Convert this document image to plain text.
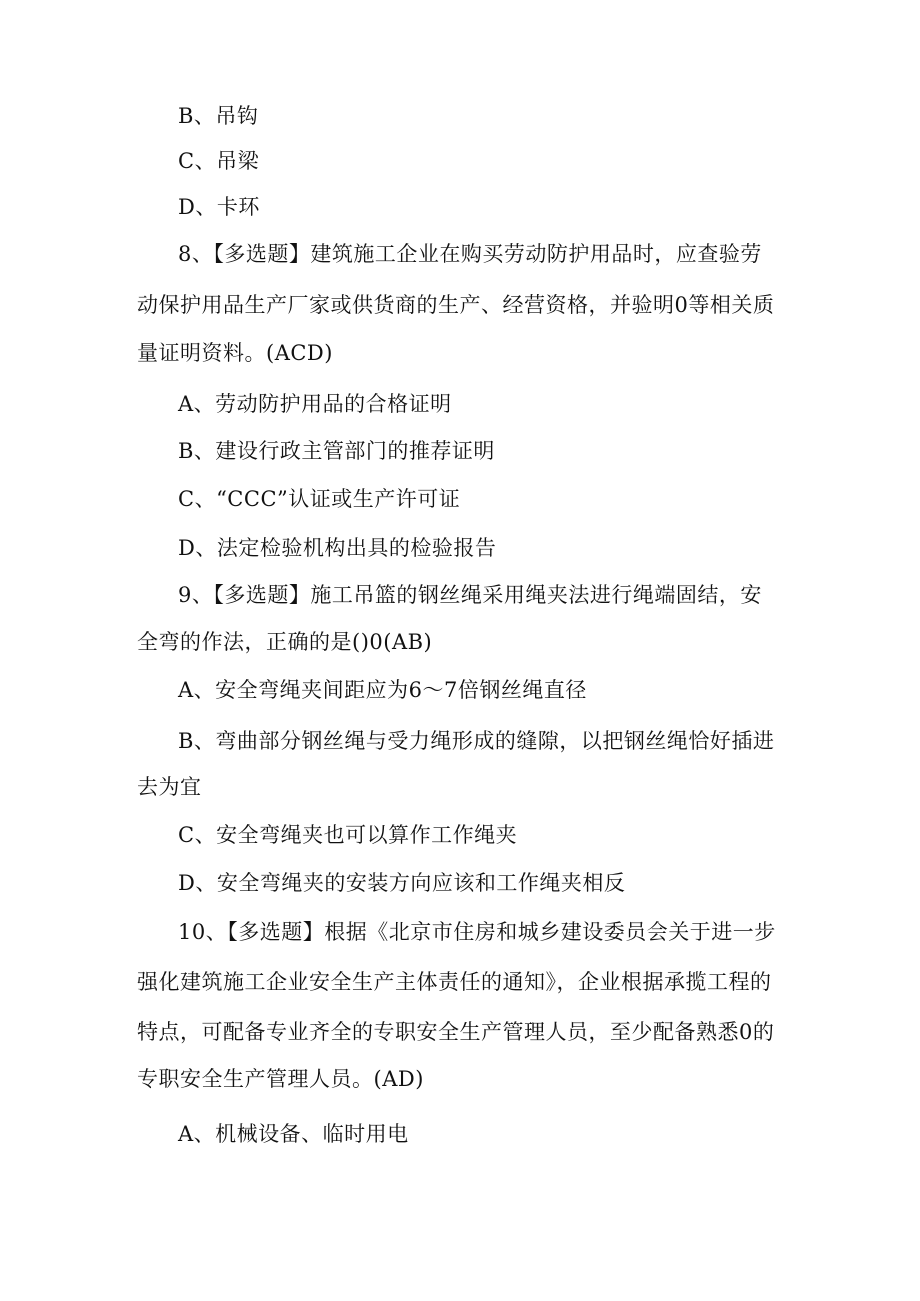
B、吊钩
C、吊梁
D、卡环
8、【多选题】建筑施工企业在购买劳动防护用品时，应查验劳
动保护用品生产厂家或供货商的生产、经营资格，并验明0等相关质
量证明资料。(ACD)
A、劳动防护用品的合格证明
B、建设行政主管部门的推荐证明
C、“CCC”认证或生产许可证
D、法定检验机构出具的检验报告
9、【多选题】施工吊篮的钢丝绳采用绳夹法进行绳端固结，安
全弯的作法，正确的是()0(AB)
A、安全弯绳夹间距应为6～7倍钢丝绳直径
B、弯曲部分钢丝绳与受力绳形成的缝隙，以把钢丝绳恰好插进
去为宜
C、安全弯绳夹也可以算作工作绳夹
D、安全弯绳夹的安装方向应该和工作绳夹相反
10、【多选题】根据《北京市住房和城乡建设委员会关于进一步
强化建筑施工企业安全生产主体责任的通知》，企业根据承揽工程的
特点，可配备专业齐全的专职安全生产管理人员，至少配备熟悉0的
专职安全生产管理人员。(AD)
A、机械设备、临时用电
